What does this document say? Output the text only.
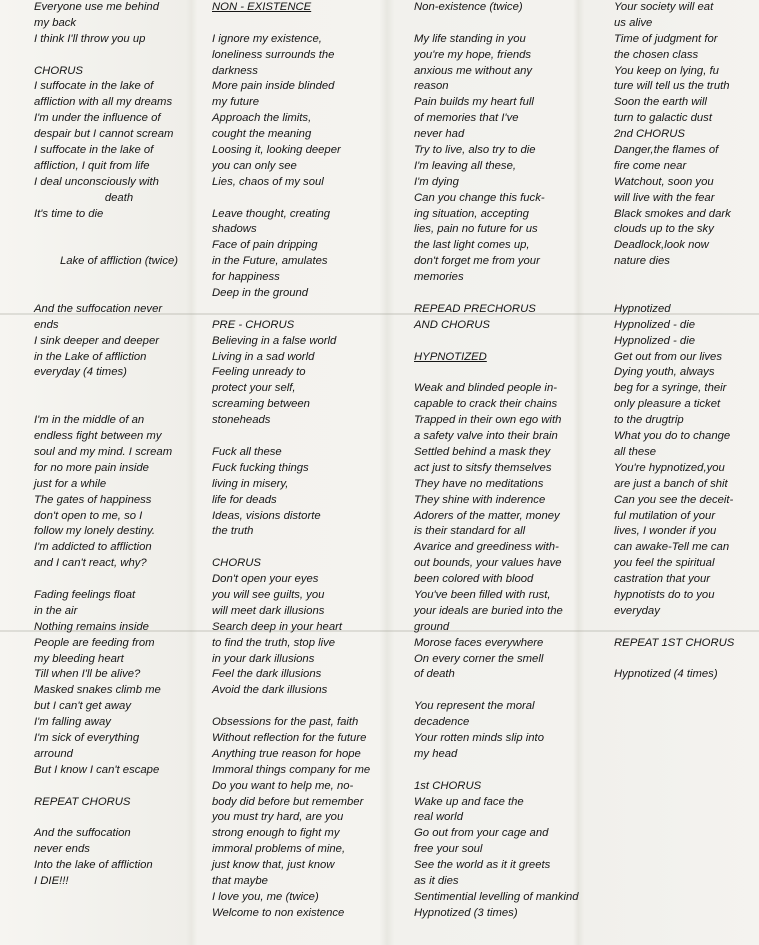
Everyone use me behind
my back
I think I'll throw you up
CHORUS
I suffocate in the lake of
affliction with all my dreams
I'm under the influence of
despair but I cannot scream
I suffocate in the lake of
affliction, I quit from life
I deal unconsciously with
death
It's time to die
Lake of affliction (twice)
And the suffocation never
ends
I sink deeper and deeper
in the Lake of affliction
everyday (4 times)
I'm in the middle of an
endless fight between my
soul and my mind. I scream
for no more pain inside
just for a while
The gates of happiness
don't open to me, so I
follow my lonely destiny.
I'm addicted to affliction
and I can't react, why?
Fading feelings float
in the air
Nothing remains inside
People are feeding from
my bleeding heart
Till when I'll be alive?
Masked snakes climb me
but I can't get away
I'm falling away
I'm sick of everything
arround
But I know I can't escape
REPEAT CHORUS
And the suffocation
never ends
Into the lake of affliction
I DIE!!!
NON - EXISTENCE
I ignore my existence,
loneliness surrounds the
darkness
More pain inside blinded
my future
Approach the limits,
cought the meaning
Loosing it, looking deeper
you can only see
Lies, chaos of my soul
Leave thought, creating
shadows
Face of pain dripping
in the Future, amulates
for happiness
Deep in the ground
PRE - CHORUS
Believing in a false world
Living in a sad world
Feeling unready to
protect your self,
screaming between
stoneheads
Fuck all these
Fuck fucking things
living in misery,
life for deads
Ideas, visions distorte
the truth
CHORUS
Don't open your eyes
you will see guilts, you
will meet dark illusions
Search deep in your heart
to find the truth, stop live
in your dark illusions
Feel the dark illusions
Avoid the dark illusions
Obsessions for the past, faith
Without reflection for the future
Anything true reason for hope
Immoral things company for me
Do you want to help me, no-
body did before but remember
you must try hard, are you
strong enough to fight my
immoral problems of mine,
just know that, just know
that maybe
I love you, me (twice)
Welcome to non existence
Non-existence (twice)
My life standing in you
you're my hope, friends
anxious me without any
reason
Pain builds my heart full
of memories that I've
never had
Try to live, also try to die
I'm leaving all these,
I'm dying
Can you change this fuck-
ing situation, accepting
lies, pain no future for us
the last light comes up,
don't forget me from your
memories
REPEAD PRECHORUS
AND CHORUS
HYPNOTIZED
Weak and blinded people in-
capable to crack their chains
Trapped in their own ego with
a safety valve into their brain
Settled behind a mask they
act just to sitsfy themselves
They have no meditations
They shine with inderence
Adorers of the matter, money
is their standard for all
Avarice and greediness with-
out bounds, your values have
been colored with blood
You've been filled with rust,
your ideals are buried into the
ground
Morose faces everywhere
On every corner the smell
of death
You represent the moral
decadence
Your rotten minds slip into
my head
1st CHORUS
Wake up and face the
real world
Go out from your cage and
free your soul
See the world as it it greets
as it dies
Sentimential levelling of mankind
Hypnotized (3 times)
Your society will eat
us alive
Time of judgment for
the chosen class
You keep on lying, fu
ture will tell us the truth
Soon the earth will
turn to galactic dust
2nd CHORUS
Danger,the flames of
fire come near
Watchout, soon you
will live with the fear
Black smokes and dark
clouds up to the sky
Deadlock,look now
nature dies
Hypnotized
Hypnolized - die
Hypnolized - die
Get out from our lives
Dying youth, always
beg for a syringe, their
only pleasure a ticket
to the drugtrip
What you do to change
all these
You're hypnotized,you
are just a banch of shit
Can you see the deceit-
ful mutilation of your
lives, I wonder if you
can awake-Tell me can
you feel the spiritual
castration that your
hypnotists do to you
everyday
REPEAT 1ST CHORUS
Hypnotized (4 times)
